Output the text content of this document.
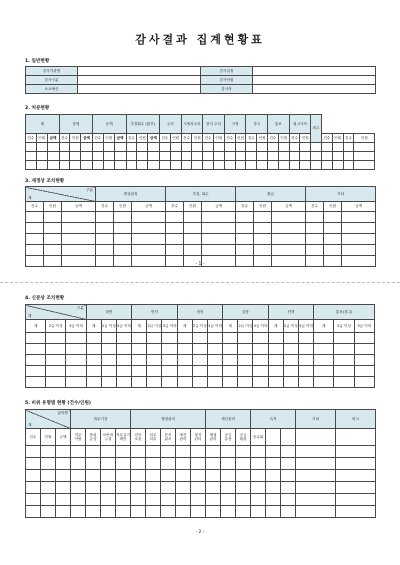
감사결과 집계현황표
1. 일반현황
감사기관명		감사일정	
감사구분		감사인원	
소요예산		감사자	
2. 처분현황
계			징계			문책			추징회수 (환부)			주의		시정처주의		현지 주의		시정		경고		통보		권고사직		비고				
건수	인원	금액	건수	인원	금액	건수	인원	금액	건수	인원	금액	건수	인원	건수	인원	건수	인원	건수	인원	건수	인원	건수	인원	건수	인원		건수	인원	건수	인원

3. 재정상 조치현황
구분
계			변상판정			추징, 회수			환급			기타		
건수	인원	금액	건수	인원	금액	건수	인원	금액	건수	인원	금액	건수	인원	금액

- 1 -
4. 신분상 조치현황
구분
계			파면			면직			정직			감봉			견책			통보(경고)		
계	2급 이상	3급 이하	계	2급 이상	3급 이하	계	2급 이상	3급 이하	계	2급 이상	3급 이하	계	2급 이상	3급 이하	계	2급 이상	3급 이하	계	2급 이상	3급 이하

5. 비위 유형별 현황 (건수/인원)
분야별
계			복무기강				행정관리					재산관리			특직			기타	비고
건수	인원	금액	직무 이탈	품위 손상	보안비 누설	직무유기 태만	검독 소홀	업무 처리	문서 위조	예산 관리	물자 관리	채권 관리	공금 유용	공금 횡령	증수회				

- 2 -
